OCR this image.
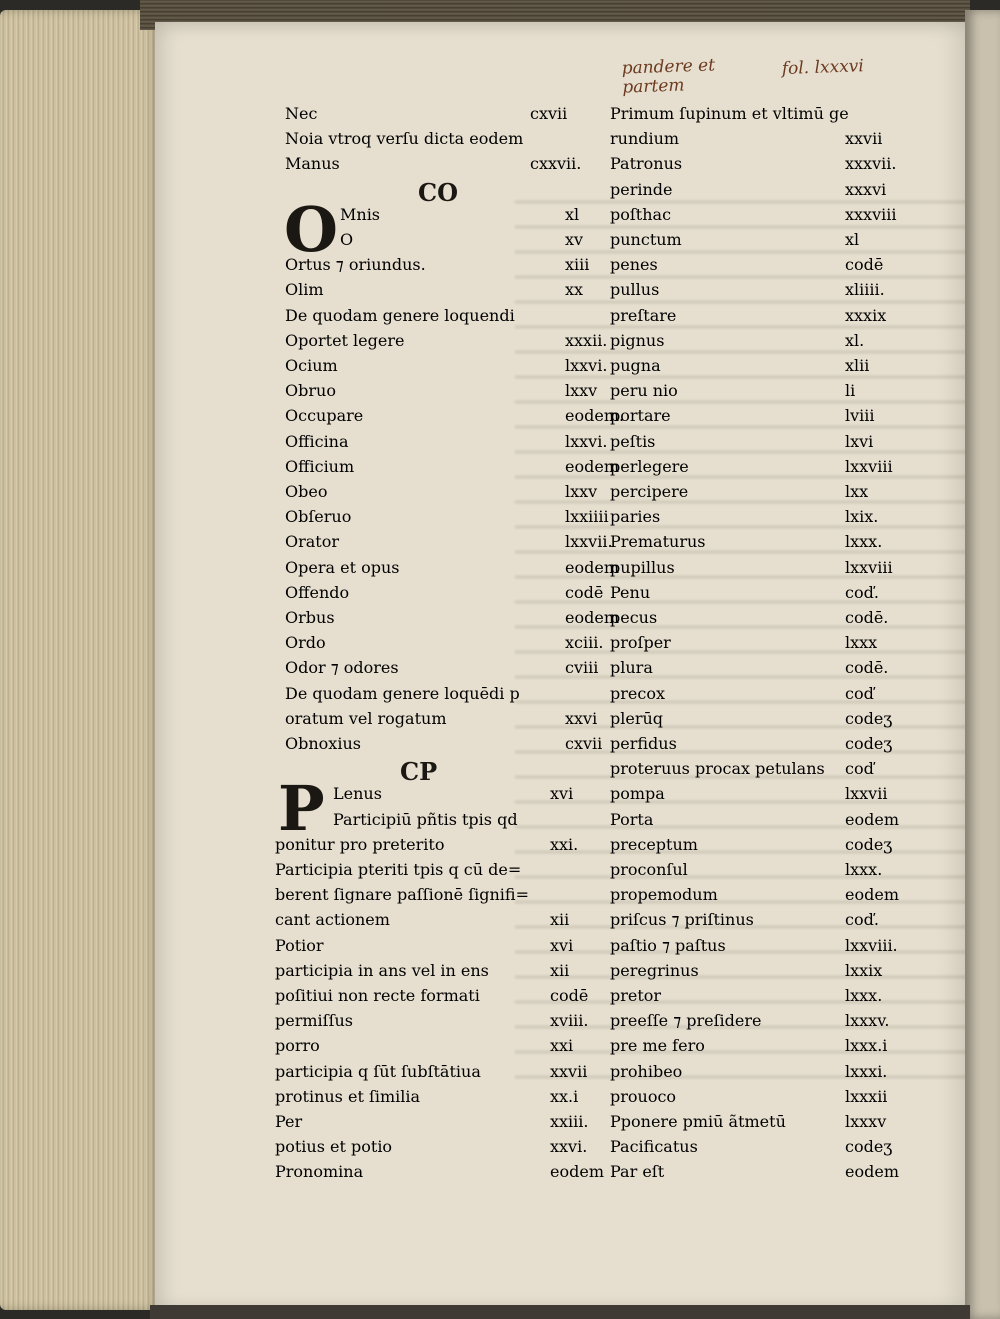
pandere et
partem
fol. lxxxvi
Nec	cxvii
Noia vtroq verſu dicta eodem
Manus	cxxvii.
CO
O Mnis	xl
O	xv
Ortus ⁊ oriundus.	xiii
Olim	xx
De quodam genere loquendi
Oportet legere	xxxii.
Ocium	lxxvi.
Obruo	lxxv
Occupare	eodem.
Officina	lxxvi.
Officium	eodem
Obeo	lxxv
Obſeruo	lxxiiii
Orator	lxxvii.
Opera et opus	eodem
Offendo	codē
Orbus	eodem
Ordo	xciii.
Odor ⁊ odores	cviii
De quodam genere loquēdi p
oratum vel rogatum	xxvi
Obnoxius	cxvii
CP
P Lenus	xvi
Participiū pñtis tpis qd
ponitur pro preterito	xxi.
Participia pteriti tpis q cū de=
berent ſignare paſſionē ſignifi=
cant actionem	xii
Potior	xvi
participia in ans vel in ens	xii
poſitiui non recte formati	codē
permiſſus	xviii.
porro	xxi
participia q ſūt ſubſtātiua	xxvii
protinus et ſimilia	xx.i
Per	xxiii.
potius et potio	xxvi.
Pronomina	eodem
Primum ſupinum et vltimū ge
rundium	xxvii
Patronus	xxxvii.
perinde	xxxvi
poſthac	xxxviii
punctum	xl
penes	codē
pullus	xliiii.
preſtare	xxxix
pignus	xl.
pugna	xlii
peru nio	li
portare	lviii
peſtis	lxvi
perlegere	lxxviii
percipere	lxx
paries	lxix.
Prematurus	lxxx.
pupillus	lxxviii
Penu	coď.
pecus	codē.
proſper	lxxx
plura	codē.
precox	coď
plerūq	codeʒ
perfidus	codeʒ
proteruus procax petulans coď
pompa	lxxvii
Porta	eodem
preceptum	codeʒ
proconſul	lxxx.
propemodum	eodem
priſcus ⁊ priſtinus	coď.
paſtio ⁊ paſtus	lxxviii.
peregrinus	lxxix
pretor	lxxx.
preeſſe ⁊ preſidere	lxxxv.
pre me fero	lxxx.i
prohibeo	lxxxi.
prouoco	lxxxii
Pponere pmiū ãtmetū	lxxxv
Pacificatus	codeʒ
Par eſt	eodem
